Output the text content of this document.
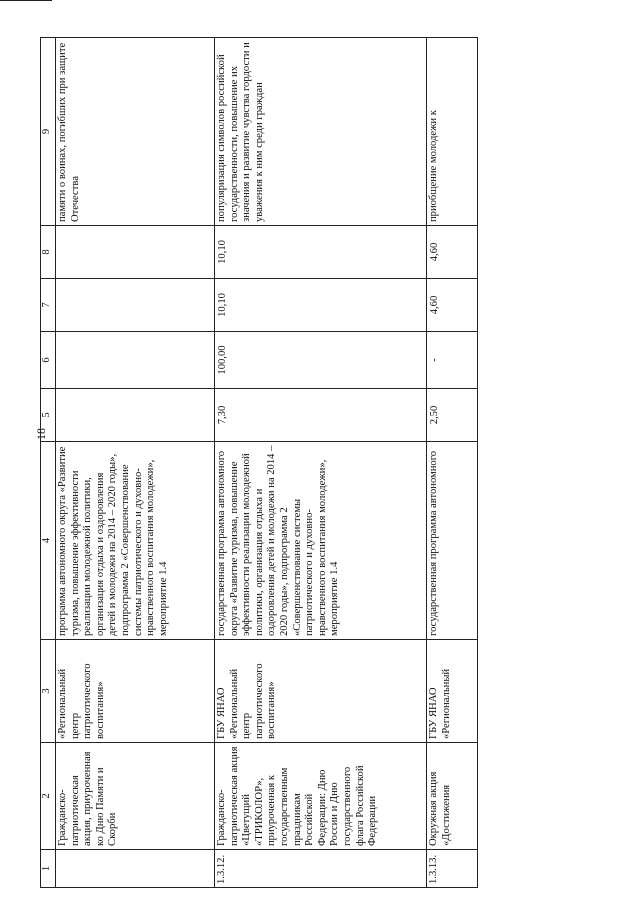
18
1	2	3	4	5	6	7	8	9
	Гражданско-патриотическая акция, приуроченная ко Дню Памяти и Скорби	«Региональный центр патриотического воспитания»	программа автономного округа «Развитие туризма, повышение эффективности реализации молодежной политики, организация отдыха и оздоровления детей и молодежи на 2014 – 2020 годы», подпрограмма 2 «Совершенствование системы патриотического и духовно-нравственного воспитания молодежи», мероприятие 1.4					памяти о воинах, погибших при защите Отечества
1.3.12.	Гражданско-патриотическая акция «Цветущий «ТРИКОЛОР», приуроченная к государственным праздникам Российской Федерации: Дню России и Дню государственного флага Российской Федерации	ГБУ ЯНАО «Региональный центр патриотического воспитания»	государственная программа автономного округа «Развитие туризма, повышение эффективности реализации молодежной политики, организация отдыха и оздоровления детей и молодежи на 2014 – 2020 годы», подпрограмма 2 «Совершенствование системы патриотического и духовно-нравственного воспитания молодежи», мероприятие 1.4	7,30	100,00	10,10	10,10	популяризация символов российской государственности, повышение их значения и развитие чувства гордости и уважения к ним среди граждан
1.3.13.	Окружная акция «Достижения	ГБУ ЯНАО «Региональный	государственная программа автономного	2,50	-	4,60	4,60	приобщение молодежи к
